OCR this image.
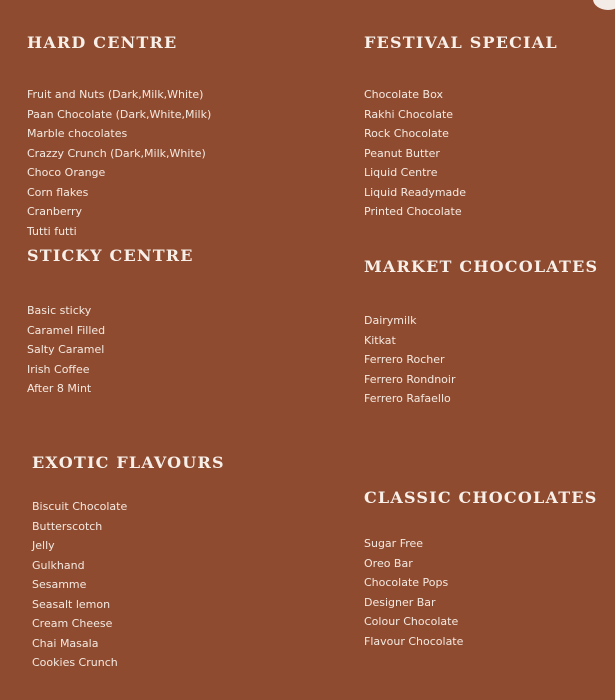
HARD CENTRE
Fruit and Nuts (Dark,Milk,White)
Paan Chocolate (Dark,White,Milk)
Marble chocolates
Crazzy Crunch (Dark,Milk,White)
Choco Orange
Corn flakes
Cranberry
Tutti futti
FESTIVAL SPECIAL
Chocolate Box
Rakhi Chocolate
Rock Chocolate
Peanut Butter
Liquid Centre
Liquid Readymade
Printed Chocolate
STICKY CENTRE
Basic sticky
Caramel Filled
Salty Caramel
Irish Coffee
After 8 Mint
MARKET CHOCOLATES
Dairymilk
Kitkat
Ferrero Rocher
Ferrero Rondnoir
Ferrero Rafaello
EXOTIC FLAVOURS
Biscuit Chocolate
Butterscotch
Jelly
Gulkhand
Sesamme
Seasalt lemon
Cream Cheese
Chai Masala
Cookies Crunch
CLASSIC CHOCOLATES
Sugar Free
Oreo Bar
Chocolate Pops
Designer Bar
Colour Chocolate
Flavour Chocolate
